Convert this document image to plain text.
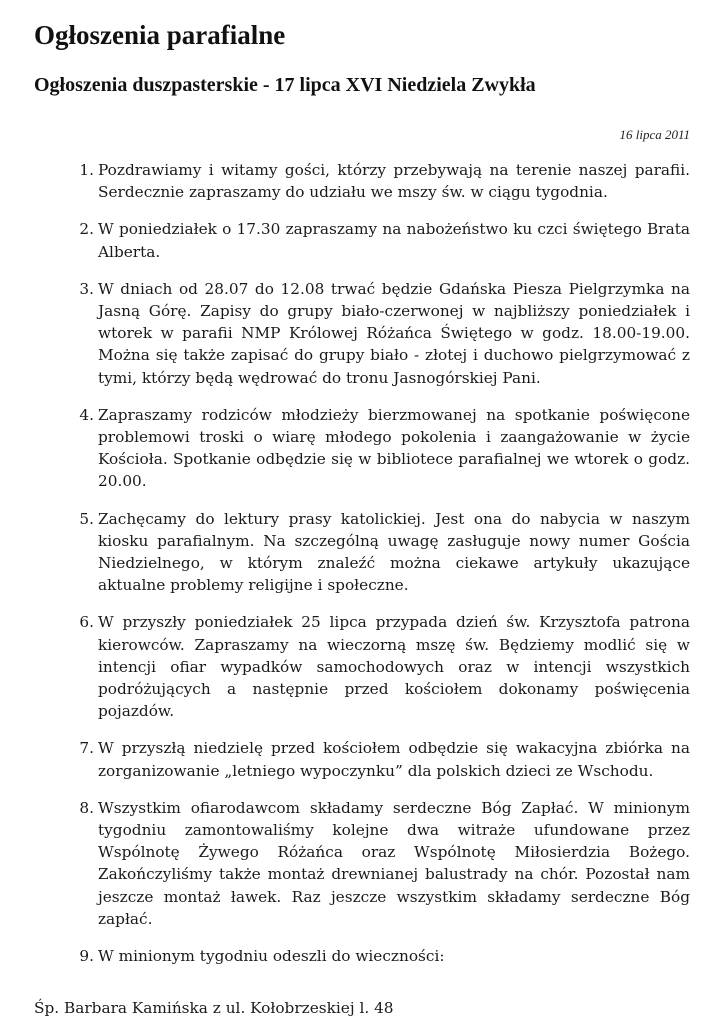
Ogłoszenia parafialne
Ogłoszenia duszpasterskie - 17 lipca XVI Niedziela Zwykła
16 lipca 2011
1. Pozdrawiamy i witamy gości, którzy przebywają na terenie naszej parafii. Serdecznie zapraszamy do udziału we mszy św. w ciągu tygodnia.
2. W poniedziałek o 17.30 zapraszamy na nabożeństwo ku czci świętego Brata Alberta.
3. W dniach od 28.07 do 12.08 trwać będzie Gdańska Piesza Pielgrzymka na Jasną Górę. Zapisy do grupy biało-czerwonej w najbliższy poniedziałek i wtorek w parafii NMP Królowej Różańca Świętego w godz. 18.00-19.00. Można się także zapisać do grupy biało - złotej i duchowo pielgrzymować z tymi, którzy będą wędrować do tronu Jasnogórskiej Pani.
4. Zapraszamy rodziców młodzieży bierzmowanej na spotkanie poświęcone problemowi troski o wiarę młodego pokolenia i zaangażowanie w życie Kościoła. Spotkanie odbędzie się w bibliotece parafialnej we wtorek o godz. 20.00.
5. Zachęcamy do lektury prasy katolickiej. Jest ona do nabycia w naszym kiosku parafialnym. Na szczególną uwagę zasługuje nowy numer Gościa Niedzielnego, w którym znaleźć można ciekawe artykuły ukazujące aktualne problemy religijne i społeczne.
6. W przyszły poniedziałek 25 lipca przypada dzień św. Krzysztofa patrona kierowców. Zapraszamy na wieczorną mszę św. Będziemy modlić się w intencji ofiar wypadków samochodowych oraz w intencji wszystkich podróżujących a następnie przed kościołem dokonamy poświęcenia pojazdów.
7. W przyszłą niedzielę przed kościołem odbędzie się wakacyjna zbiórka na zorganizowanie „letniego wypoczynku” dla polskich dzieci ze Wschodu.
8. Wszystkim ofiarodawcom składamy serdeczne Bóg Zapłać. W minionym tygodniu zamontowaliśmy kolejne dwa witraże ufundowane przez Wspólnotę Żywego Różańca oraz Wspólnotę Miłosierdzia Bożego. Zakończyliśmy także montaż drewnianej balustrady na chór. Pozostał nam jeszcze montaż ławek. Raz jeszcze wszystkim składamy serdeczne Bóg zapłać.
9. W minionym tygodniu odeszli do wieczności:
Śp. Barbara Kamińska z ul. Kołobrzeskiej l. 48
